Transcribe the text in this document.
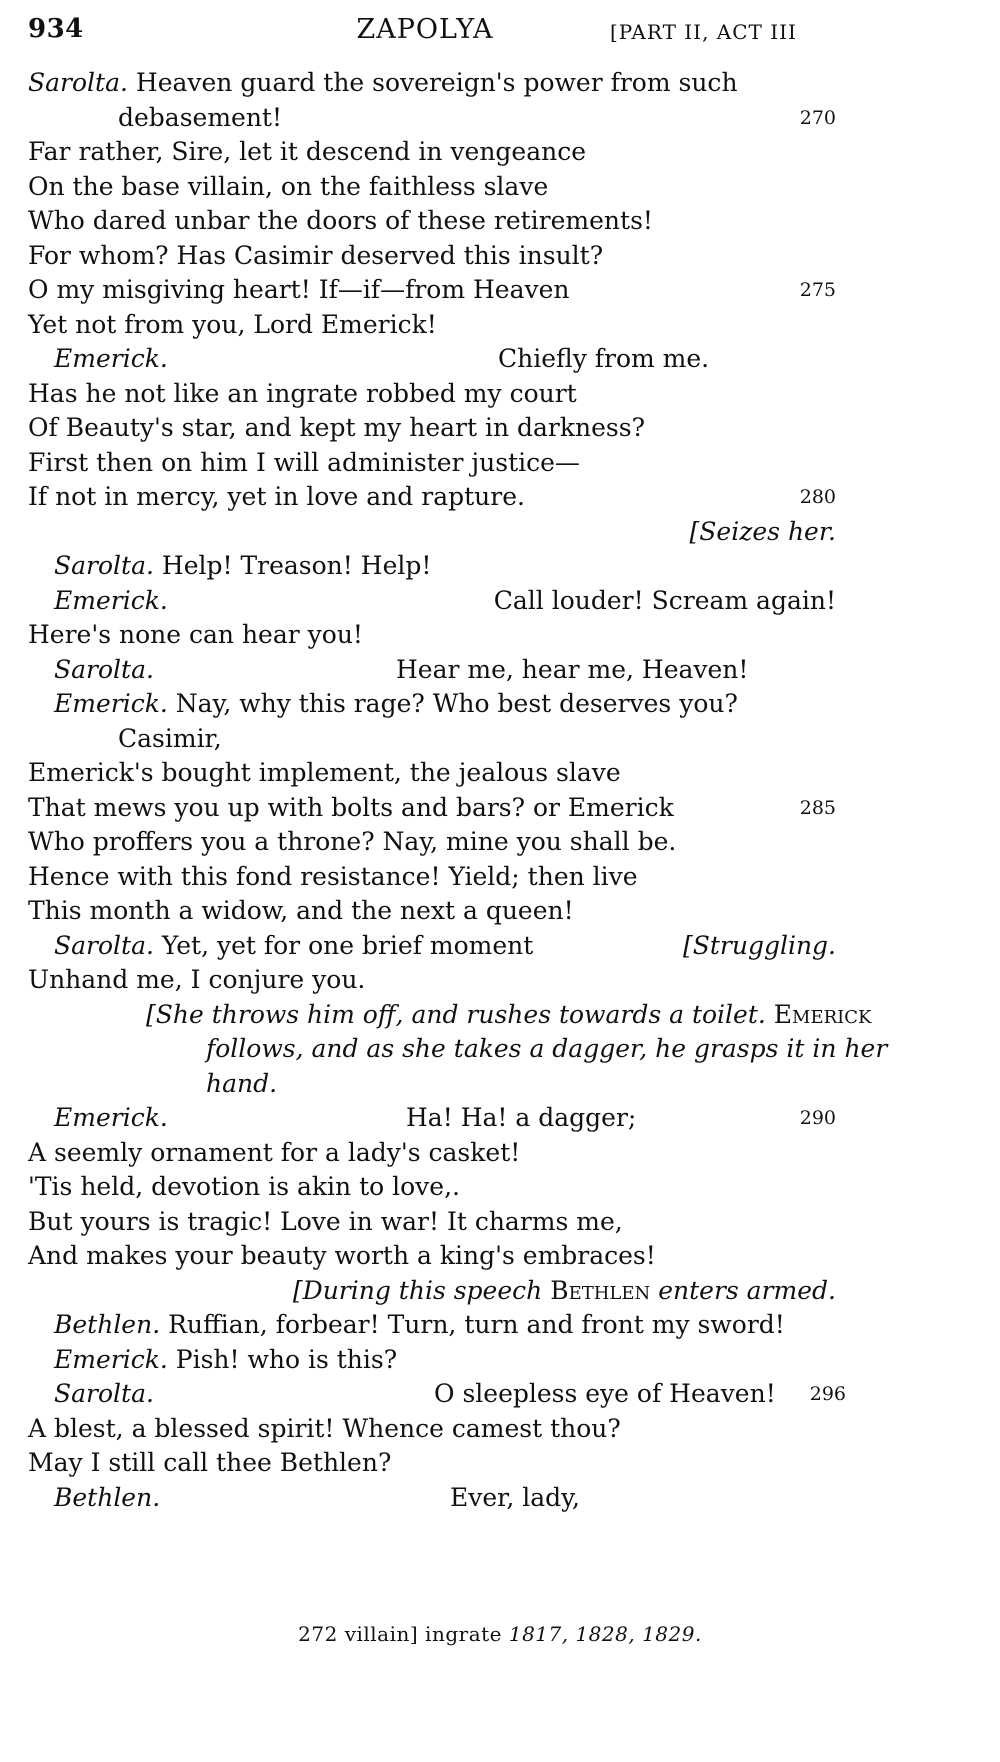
934	ZAPOLYA	[PART II, ACT III
Sarolta. Heaven guard the sovereign's power from such
debasement!	270
Far rather, Sire, let it descend in vengeance
On the base villain, on the faithless slave
Who dared unbar the doors of these retirements!
For whom? Has Casimir deserved this insult?
O my misgiving heart! If—if—from Heaven	275
Yet not from you, Lord Emerick!
Emerick.	Chiefly from me.
Has he not like an ingrate robbed my court
Of Beauty's star, and kept my heart in darkness?
First then on him I will administer justice—
If not in mercy, yet in love and rapture.	280
[Seizes her.
Sarolta. Help! Treason! Help!
Emerick.	Call louder! Scream again!
Here's none can hear you!
Sarolta.	Hear me, hear me, Heaven!
Emerick. Nay, why this rage? Who best deserves you?
Casimir,
Emerick's bought implement, the jealous slave
That mews you up with bolts and bars? or Emerick	285
Who proffers you a throne? Nay, mine you shall be.
Hence with this fond resistance! Yield; then live
This month a widow, and the next a queen!
Sarolta. Yet, yet for one brief moment	[Struggling.
Unhand me, I conjure you.
[She throws him off, and rushes towards a toilet. Emerick
follows, and as she takes a dagger, he grasps it in her
hand.
Emerick.	Ha! Ha! a dagger;	290
A seemly ornament for a lady's casket!
'Tis held, devotion is akin to love,.
But yours is tragic! Love in war! It charms me,
And makes your beauty worth a king's embraces!
[During this speech Bethlen enters armed.
Bethlen. Ruffian, forbear! Turn, turn and front my sword!
Emerick. Pish! who is this?
Sarolta.	O sleepless eye of Heaven! 296
A blest, a blessed spirit! Whence camest thou?
May I still call thee Bethlen?
Bethlen.	Ever, lady,
272 villain] ingrate 1817, 1828, 1829.
